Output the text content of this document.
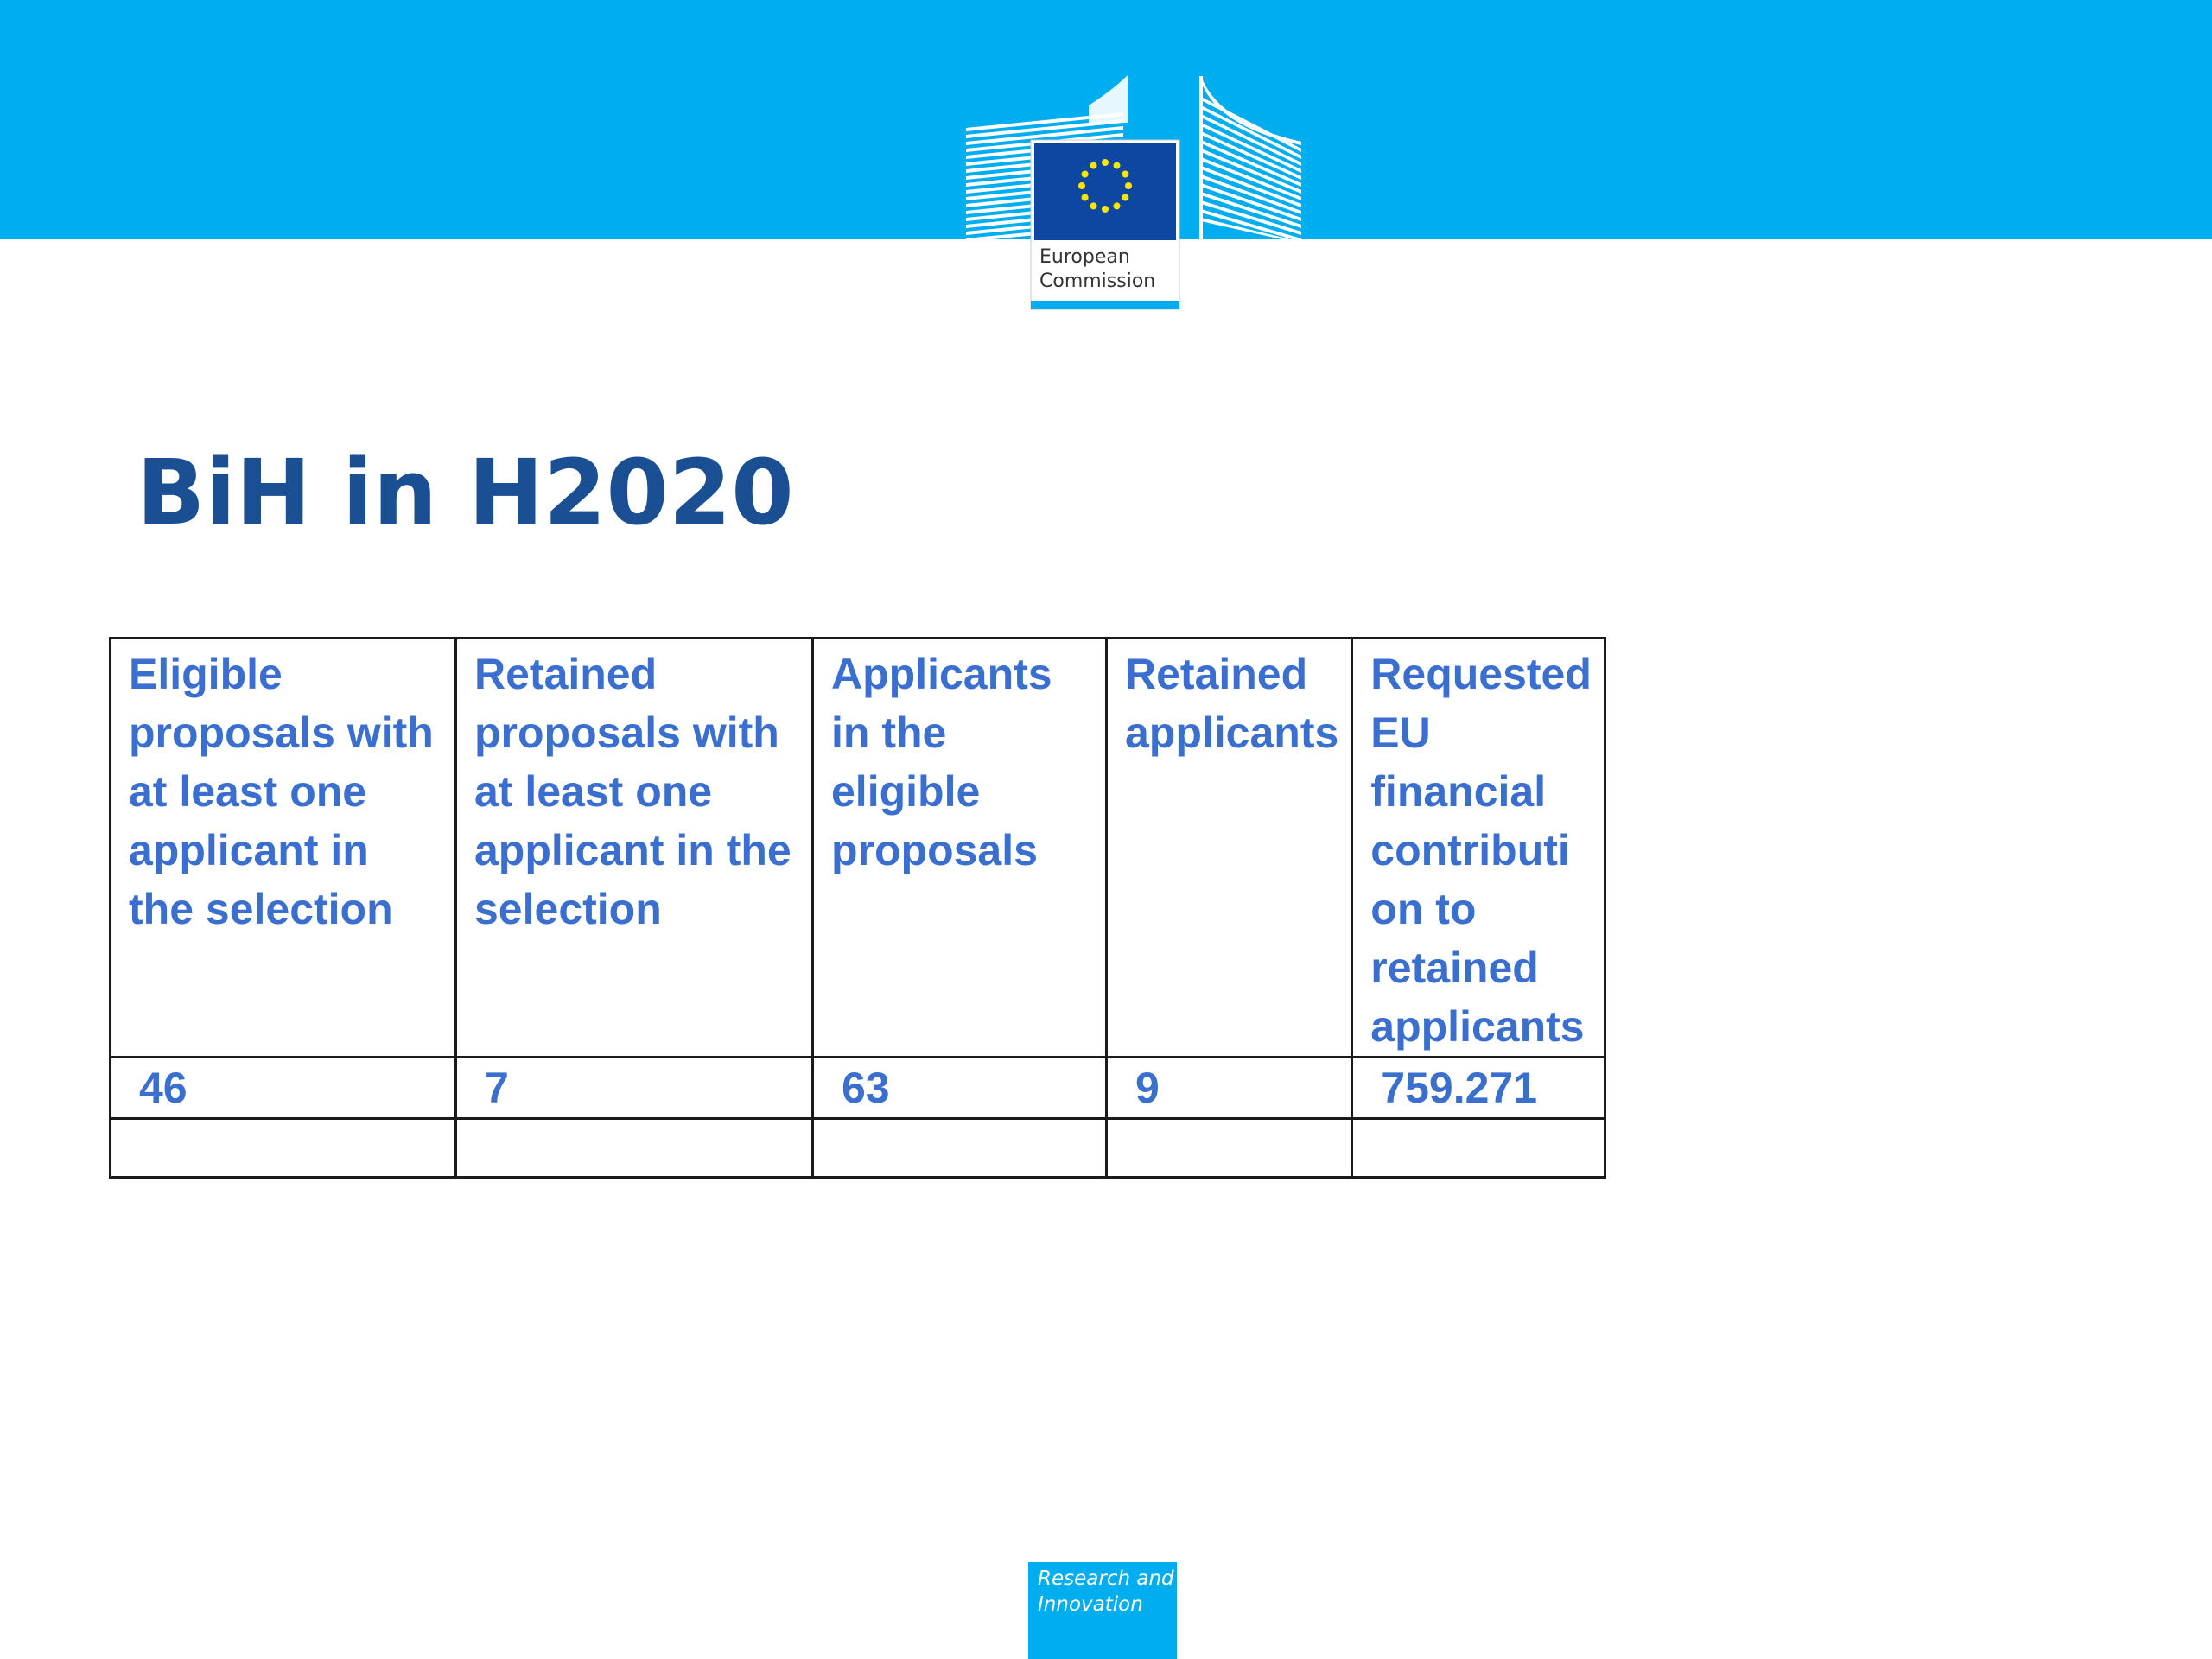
European
Commission
BiH in H2020
Eligible proposals with at least one applicant in the selection	Retained proposals with at least one applicant in the selection	Applicants in the eligible proposals	Retained applicants	Requested EU financial contributi on to retained applicants
46	7	63	9	759.271

Research and
Innovation
